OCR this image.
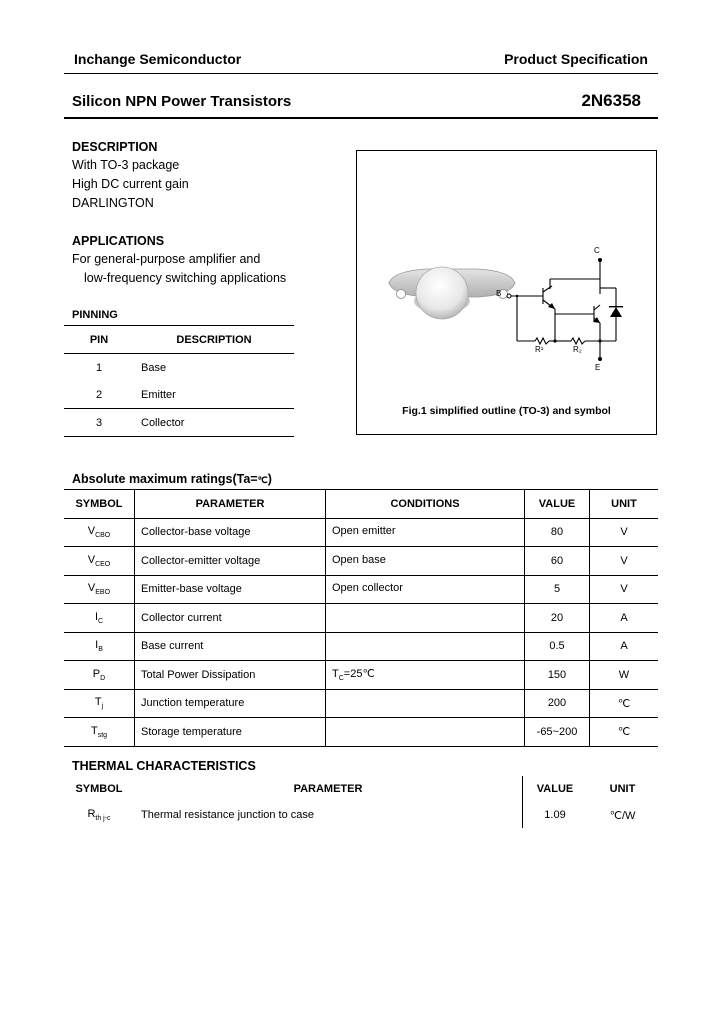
Inchange Semiconductor	Product Specification
Silicon NPN Power Transistors	2N6358
DESCRIPTION
With TO-3 package
High DC current gain
DARLINGTON
APPLICATIONS
For general-purpose amplifier and
low-frequency switching applications
PINNING
PIN	DESCRIPTION
1	Base
2	Emitter
3	Collector
C
B
E
R¹	R₂
Fig.1 simplified outline (TO-3) and symbol
Absolute maximum ratings(Ta=℃)
SYMBOL	PARAMETER	CONDITIONS	VALUE	UNIT
$V_{CBO}$	Collector-base voltage	Open emitter	80	V
$V_{CEO}$	Collector-emitter voltage	Open base	60	V
$V_{EBO}$	Emitter-base voltage	Open collector	5	V
$I_C$	Collector current		20	A
$I_B$	Base current		0.5	A
$P_D$	Total Power Dissipation	$T_C=25℃$	150	W
$T_j$	Junction temperature		200	℃
$T_{stg}$	Storage temperature		-65~200	℃
THERMAL CHARACTERISTICS
SYMBOL	PARAMETER	VALUE	UNIT
$R_{th j-c}$	Thermal resistance junction to case	1.09	℃/W
